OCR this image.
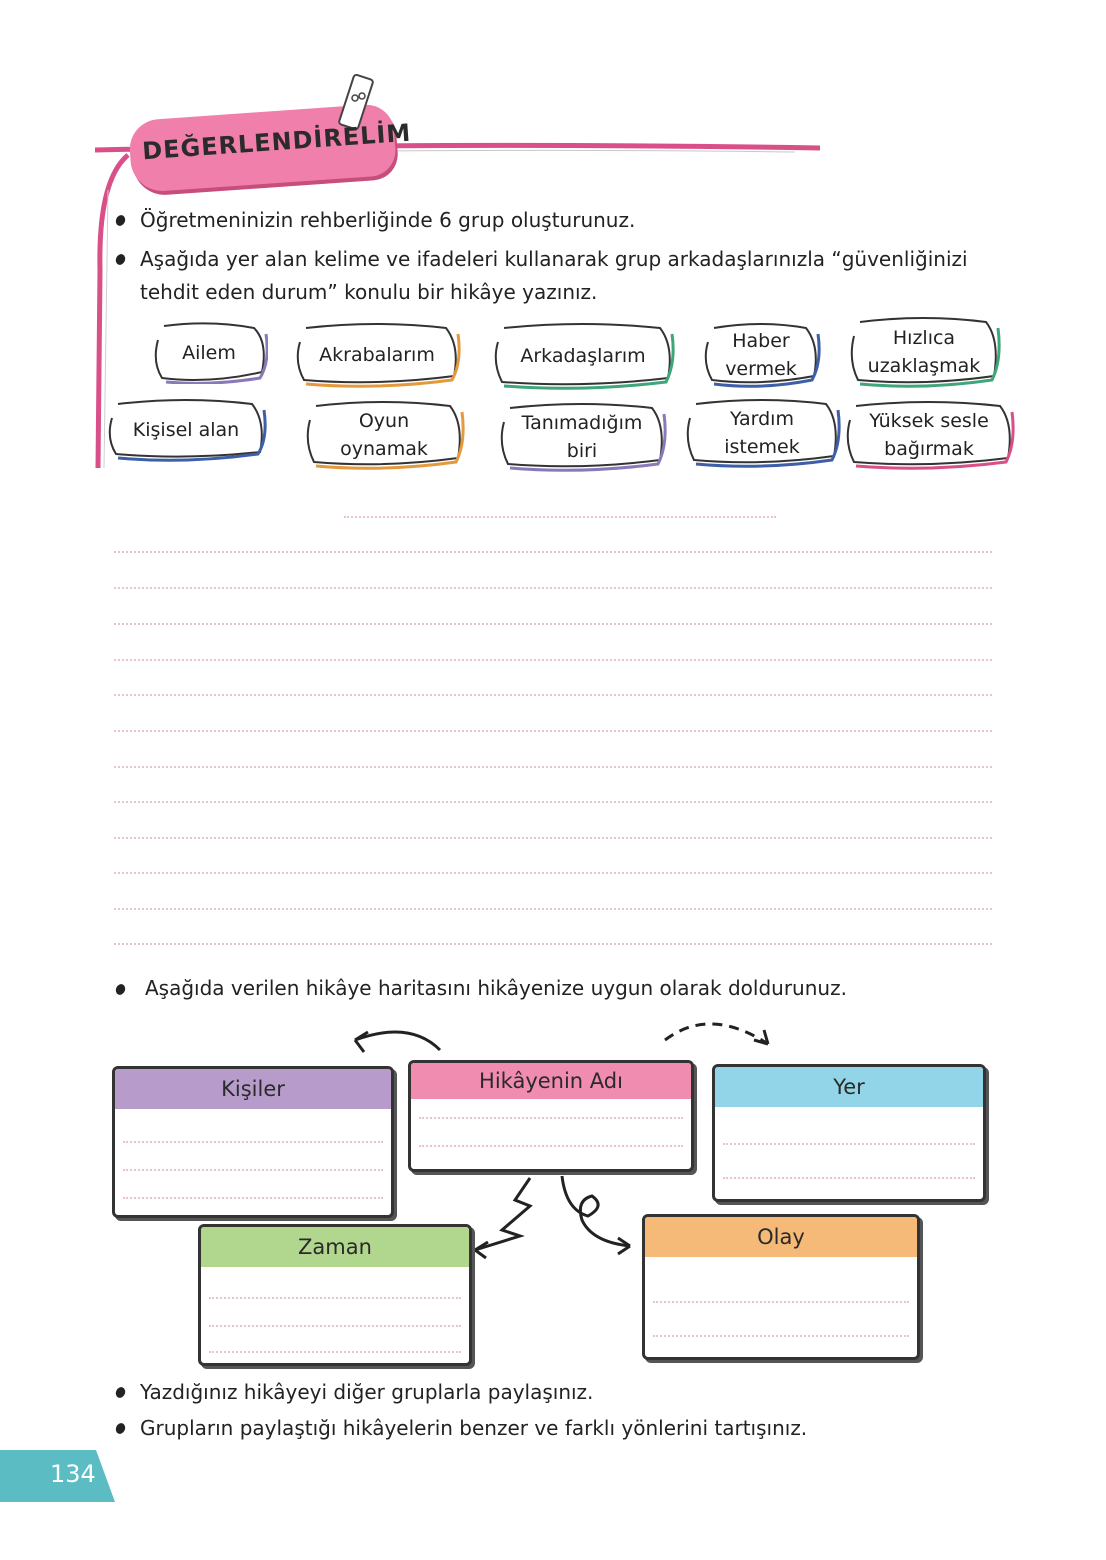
DEĞERLENDİRELİM
Öğretmeninizin rehberliğinde 6 grup oluşturunuz.
Aşağıda yer alan kelime ve ifadeleri kullanarak grup arkadaşlarınızla “güvenliğinizi
tehdit eden durum” konulu bir hikâye yazınız.
Ailem	Akrabalarım	Arkadaşlarım
Haber
vermek
Hızlıca
uzaklaşmak
Kişisel alan	Oyun
oynamak
Tanımadığım
biri
Yardım
istemek
Yüksek sesle
bağırmak
Aşağıda verilen hikâye haritasını hikâyenize uygun olarak doldurunuz.
Kişiler	Hikâyenin Adı	Yer
Zaman	Olay
Yazdığınız hikâyeyi diğer gruplarla paylaşınız.
Grupların paylaştığı hikâyelerin benzer ve farklı yönlerini tartışınız.
134
